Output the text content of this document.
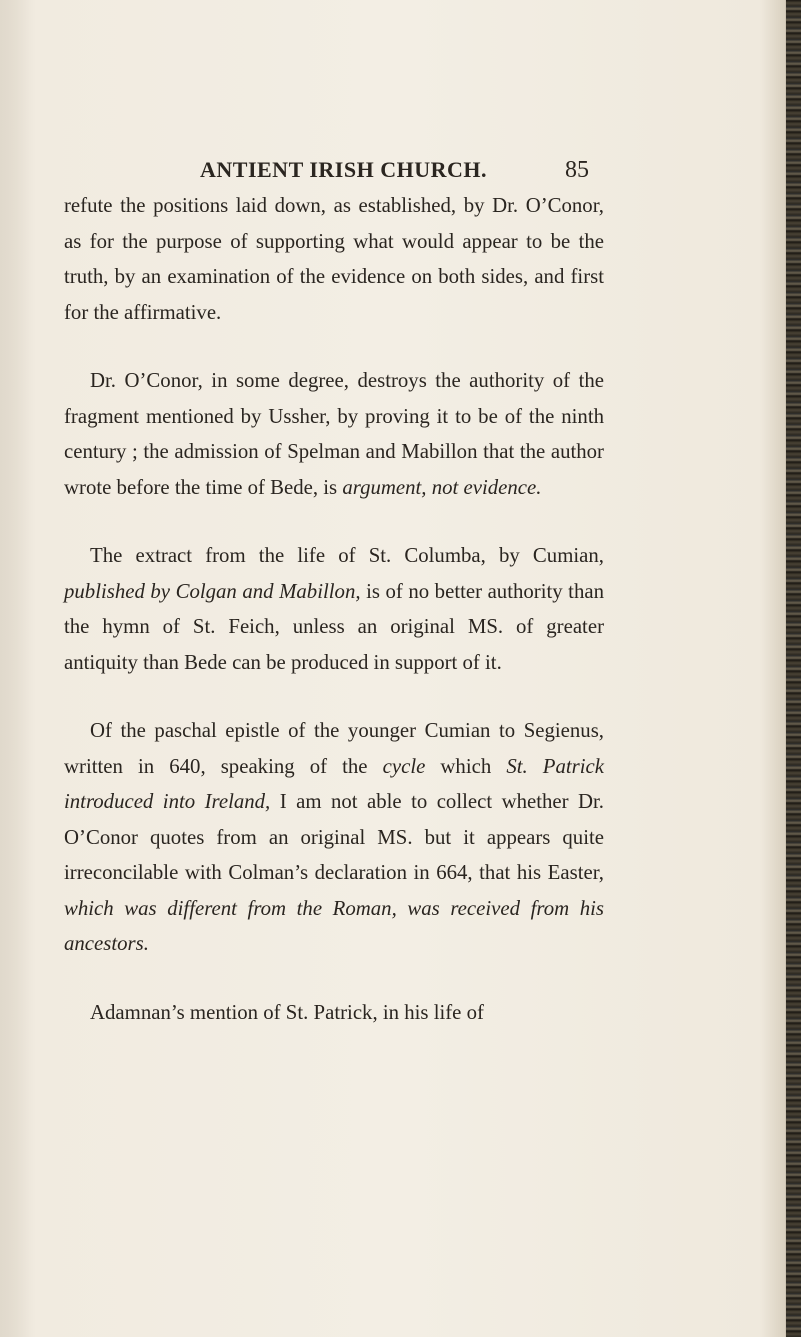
ANTIENT IRISH CHURCH.	85

refute the positions laid down, as established, by Dr. O’Conor, as for the purpose of supporting what would appear to be the truth, by an examination of the evidence on both sides, and first for the affirmative.

Dr. O’Conor, in some degree, destroys the authority of the fragment mentioned by Ussher, by proving it to be of the ninth century ; the admission of Spelman and Mabillon that the author wrote before the time of Bede, is argument, not evidence.

The extract from the life of St. Columba, by Cumian, published by Colgan and Mabillon, is of no better authority than the hymn of St. Feich, unless an original MS. of greater antiquity than Bede can be produced in support of it.

Of the paschal epistle of the younger Cumian to Segienus, written in 640, speaking of the cycle which St. Patrick introduced into Ireland, I am not able to collect whether Dr. O’Conor quotes from an original MS. but it appears quite irreconcilable with Colman’s declaration in 664, that his Easter, which was different from the Roman, was received from his ancestors.

Adamnan’s mention of St. Patrick, in his life of
